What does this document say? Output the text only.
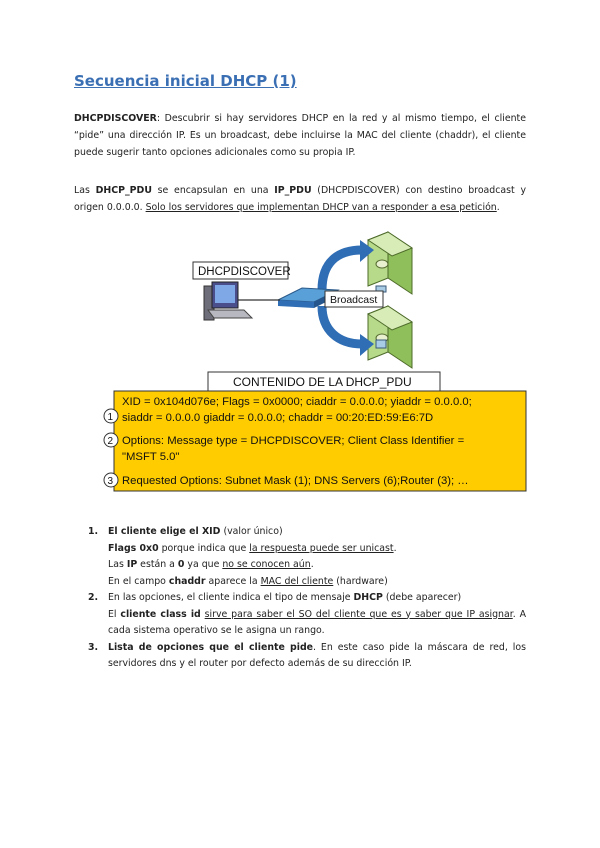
Secuencia inicial DHCP (1)
DHCPDISCOVER: Descubrir si hay servidores DHCP en la red y al mismo tiempo, el cliente “pide” una dirección IP. Es un broadcast, debe incluirse la MAC del cliente (chaddr), el cliente puede sugerir tanto opciones adicionales como su propia IP.
Las DHCP_PDU se encapsulan en una IP_PDU (DHCPDISCOVER) con destino broadcast y origen 0.0.0.0. Solo los servidores que implementan DHCP van a responder a esa petición.
DHCPDISCOVER
Broadcast
CONTENIDO DE LA DHCP_PDU
XID = 0x104d076e; Flags = 0x0000; ciaddr = 0.0.0.0; yiaddr = 0.0.0.0;
siaddr = 0.0.0.0 giaddr = 0.0.0.0; chaddr = 00:20:ED:59:E6:7D
Options: Message type = DHCPDISCOVER; Client Class Identifier =
"MSFT 5.0"
Requested Options: Subnet Mask (1); DNS Servers (6);Router (3); …
1
2
3
1. El cliente elige el XID (valor único)
Flags 0x0 porque indica que la respuesta puede ser unicast.
Las IP están a 0 ya que no se conocen aún.
En el campo chaddr aparece la MAC del cliente (hardware)
2. En las opciones, el cliente indica el tipo de mensaje DHCP (debe aparecer)
El cliente class id sirve para saber el SO del cliente que es y saber que IP asignar. A cada sistema operativo se le asigna un rango.
3. Lista de opciones que el cliente pide. En este caso pide la máscara de red, los servidores dns y el router por defecto además de su dirección IP.
